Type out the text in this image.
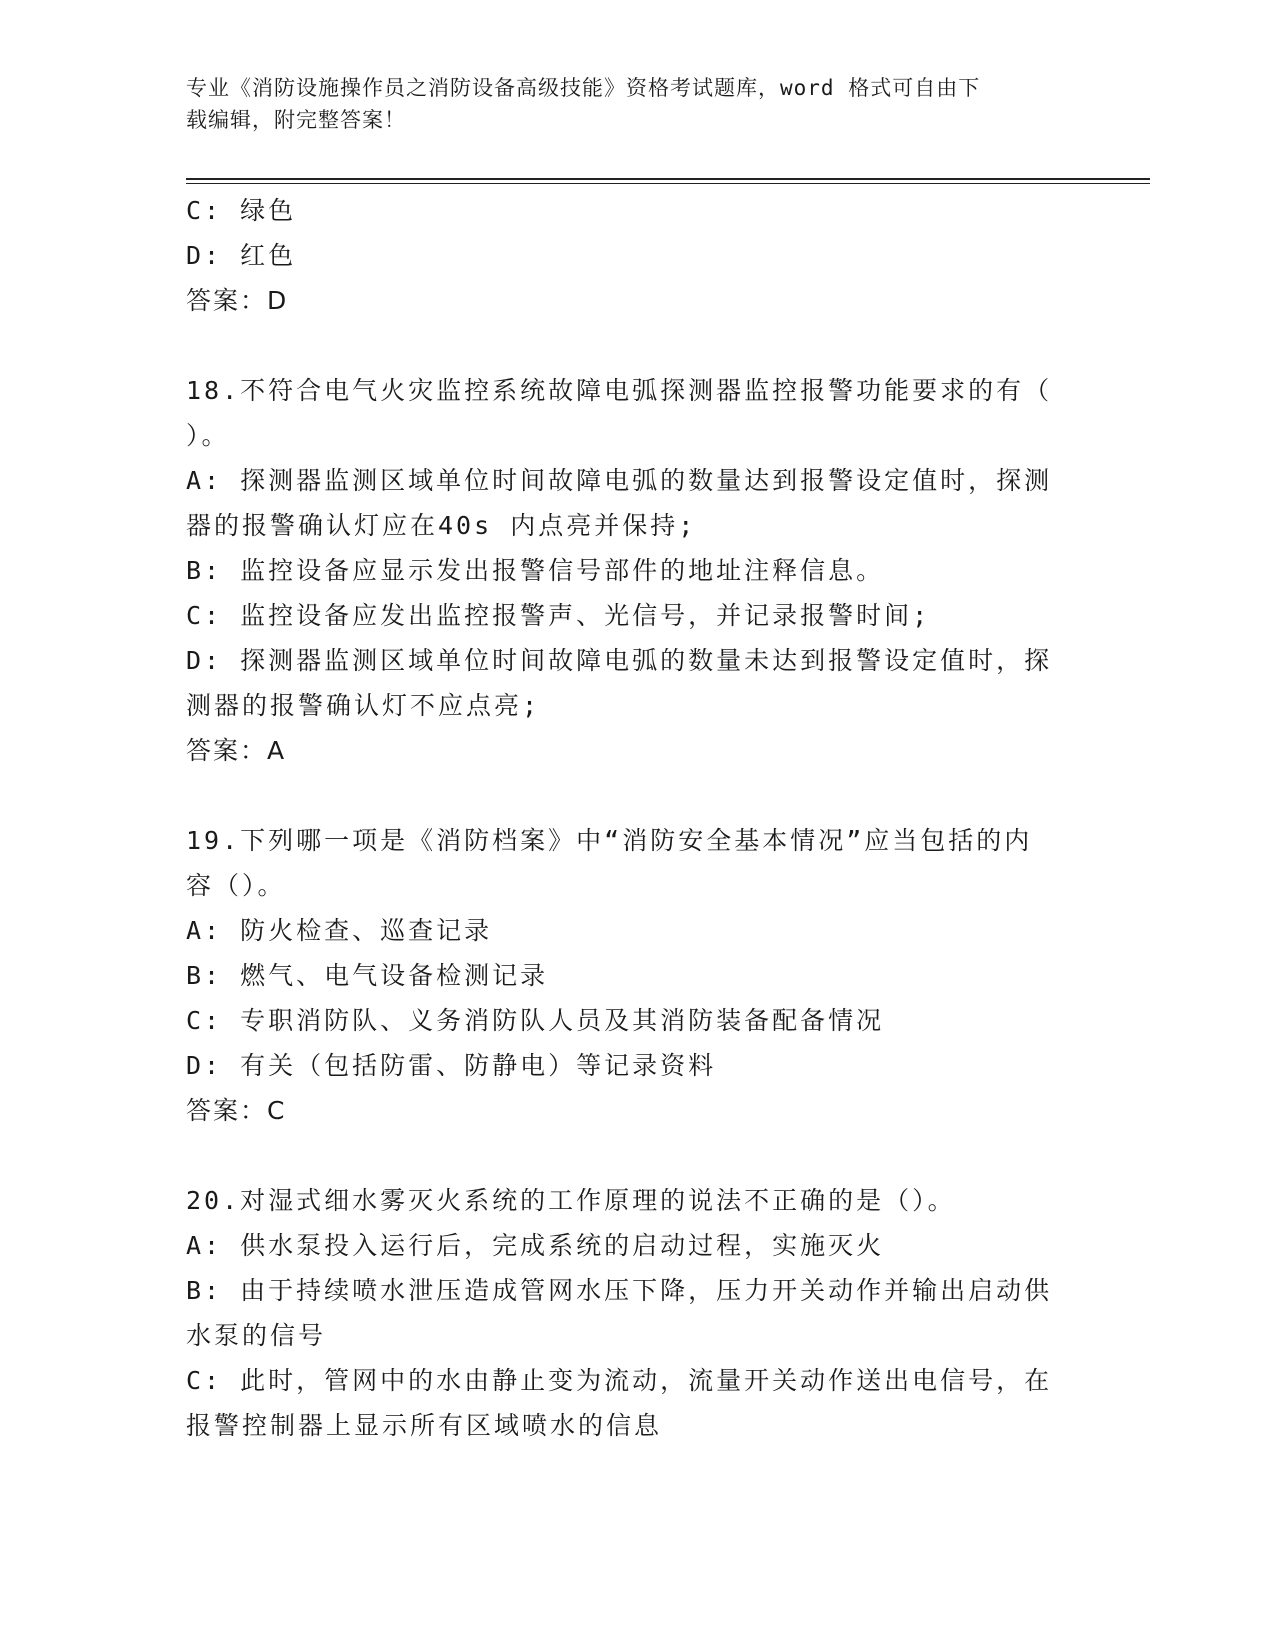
专业《消防设施操作员之消防设备高级技能》资格考试题库，word 格式可自由下
载编辑，附完整答案！
C: 绿色
D: 红色
答案：D
18.不符合电气火灾监控系统故障电弧探测器监控报警功能要求的有（
）。
A: 探测器监测区域单位时间故障电弧的数量达到报警设定值时，探测
器的报警确认灯应在40s 内点亮并保持;
B: 监控设备应显示发出报警信号部件的地址注释信息。
C: 监控设备应发出监控报警声、光信号，并记录报警时间;
D: 探测器监测区域单位时间故障电弧的数量未达到报警设定值时，探
测器的报警确认灯不应点亮;
答案：A
19.下列哪一项是《消防档案》中“消防安全基本情况”应当包括的内
容（）。
A: 防火检查、巡查记录
B: 燃气、电气设备检测记录
C: 专职消防队、义务消防队人员及其消防装备配备情况
D: 有关（包括防雷、防静电）等记录资料
答案：C
20.对湿式细水雾灭火系统的工作原理的说法不正确的是（）。
A: 供水泵投入运行后，完成系统的启动过程，实施灭火
B: 由于持续喷水泄压造成管网水压下降，压力开关动作并输出启动供
水泵的信号
C: 此时，管网中的水由静止变为流动，流量开关动作送出电信号，在
报警控制器上显示所有区域喷水的信息
